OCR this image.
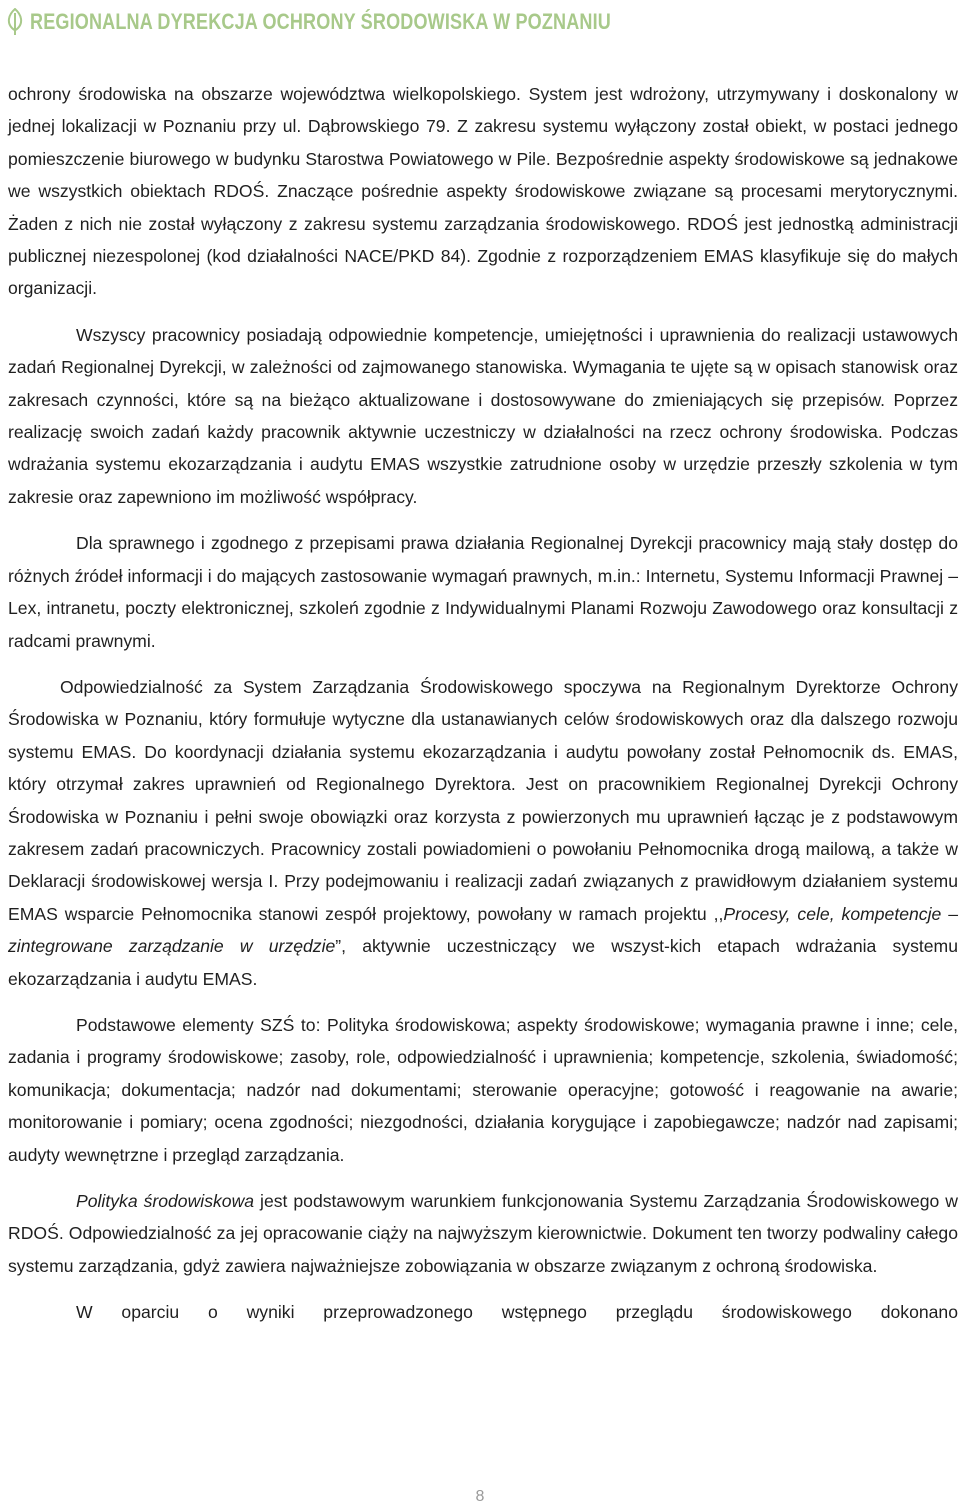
REGIONALNA DYREKCJA OCHRONY ŚRODOWISKA W POZNANIU

ochrony środowiska na obszarze województwa wielkopolskiego. System jest wdrożony, utrzymywany i doskonalony w jednej lokalizacji w Poznaniu przy ul. Dąbrowskiego 79. Z zakresu systemu wyłączony został obiekt, w postaci jednego pomieszczenie biurowego w budynku Starostwa Powiatowego w Pile. Bezpośrednie aspekty środowiskowe są jednakowe we wszystkich obiektach RDOŚ. Znaczące pośrednie aspekty środowiskowe związane są procesami merytorycznymi. Żaden z nich nie został wyłączony z zakresu systemu zarządzania środowiskowego. RDOŚ jest jednostką administracji publicznej niezespolonej (kod działalności NACE/PKD 84). Zgodnie z rozporządzeniem EMAS klasyfikuje się do małych organizacji.

Wszyscy pracownicy posiadają odpowiednie kompetencje, umiejętności i uprawnienia do realizacji ustawowych zadań Regionalnej Dyrekcji, w zależności od zajmowanego stanowiska. Wymagania te ujęte są w opisach stanowisk oraz zakresach czynności, które są na bieżąco aktualizowane i dostosowywane do zmieniających się przepisów. Poprzez realizację swoich zadań każdy pracownik aktywnie uczestniczy w działalności na rzecz ochrony środowiska. Podczas wdrażania systemu ekozarządzania i audytu EMAS wszystkie zatrudnione osoby w urzędzie przeszły szkolenia w tym zakresie oraz zapewniono im możliwość współpracy.

Dla sprawnego i zgodnego z przepisami prawa działania Regionalnej Dyrekcji pracownicy mają stały dostęp do różnych źródeł informacji i do mających zastosowanie wymagań prawnych, m.in.: Internetu, Systemu Informacji Prawnej – Lex, intranetu, poczty elektronicznej, szkoleń zgodnie z Indywidualnymi Planami Rozwoju Zawodowego oraz konsultacji z radcami prawnymi.

Odpowiedzialność za System Zarządzania Środowiskowego spoczywa na Regionalnym Dyrektorze Ochrony Środowiska w Poznaniu, który formułuje wytyczne dla ustanawianych celów środowiskowych oraz dla dalszego rozwoju systemu EMAS. Do koordynacji działania systemu ekozarządzania i audytu powołany został Pełnomocnik ds. EMAS, który otrzymał zakres uprawnień od Regionalnego Dyrektora. Jest on pracownikiem Regionalnej Dyrekcji Ochrony Środowiska w Poznaniu i pełni swoje obowiązki oraz korzysta z powierzonych mu uprawnień łącząc je z podstawowym zakresem zadań pracowniczych. Pracownicy zostali powiadomieni o powołaniu Pełnomocnika drogą mailową, a także w Deklaracji środowiskowej wersja I. Przy podejmowaniu i realizacji zadań związanych z prawidłowym działaniem systemu EMAS wsparcie Pełnomocnika stanowi zespół projektowy, powołany w ramach projektu ,,Procesy, cele, kompetencje – zintegrowane zarządzanie w urzędzie”, aktywnie uczestniczący we wszyst-kich etapach wdrażania systemu ekozarządzania i audytu EMAS.

Podstawowe elementy SZŚ to: Polityka środowiskowa; aspekty środowiskowe; wymagania prawne i inne; cele, zadania i programy środowiskowe; zasoby, role, odpowiedzialność i uprawnienia; kompetencje, szkolenia, świadomość; komunikacja; dokumentacja; nadzór nad dokumentami; sterowanie operacyjne; gotowość i reagowanie na awarie; monitorowanie i pomiary; ocena zgodności; niezgodności, działania korygujące i zapobiegawcze; nadzór nad zapisami; audyty wewnętrzne i przegląd zarządzania.

Polityka środowiskowa jest podstawowym warunkiem funkcjonowania Systemu Zarządzania Środowiskowego w RDOŚ. Odpowiedzialność za jej opracowanie ciąży na najwyższym kierownictwie. Dokument ten tworzy podwaliny całego systemu zarządzania, gdyż zawiera najważniejsze zobowiązania w obszarze związanym z ochroną środowiska.

W oparciu o wyniki przeprowadzonego wstępnego przeglądu środowiskowego dokonano

8
